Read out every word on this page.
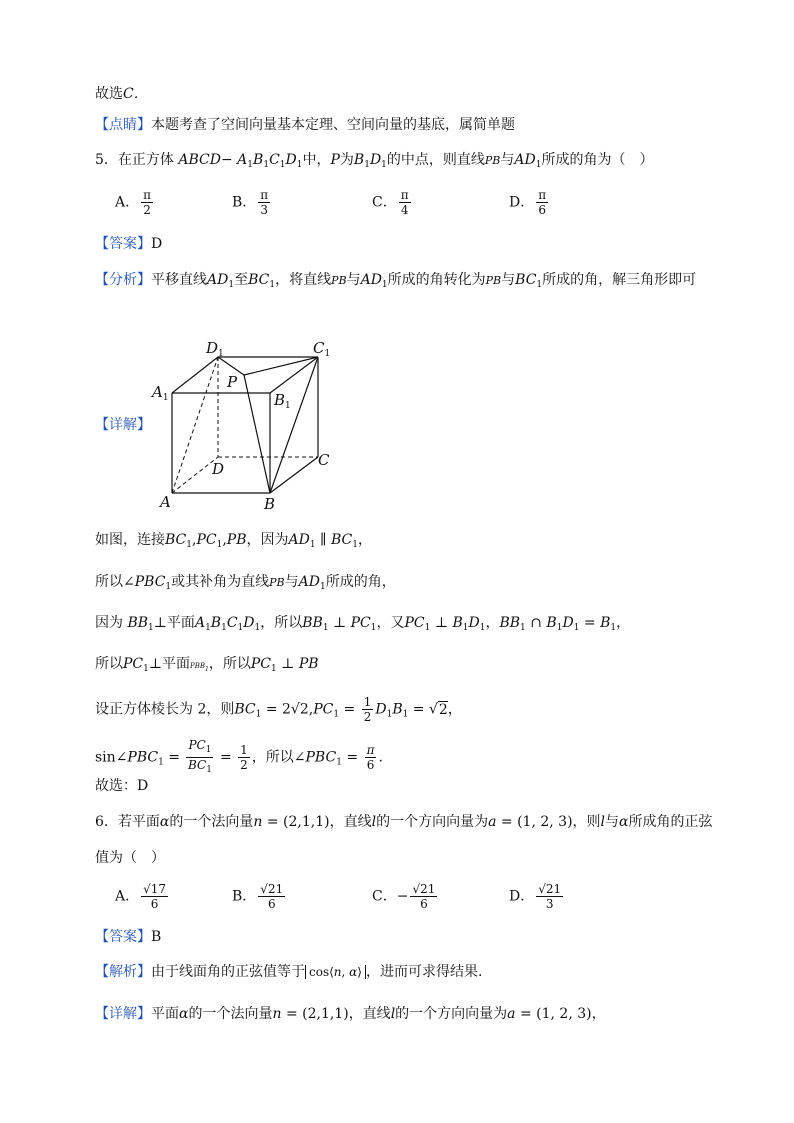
故选C．
【点睛】本题考查了空间向量基本定理、空间向量的基底，属简单题
5．在正方体 ABCD− $A_1B_1C_1D_1$中，P为$B_1D_1$的中点，则直线PB与$AD_1$所成的角为（　）
A． $\frac{\pi}{2}$	B． $\frac{\pi}{3}$	C． $\frac{\pi}{4}$	D． $\frac{\pi}{6}$
【答案】D
【分析】平移直线$AD_1$至$BC_1$，将直线PB与$AD_1$所成的角转化为PB与$BC_1$所成的角，解三角形即可
【详解】
$D_1$	$C_1$
$A_1$	$B_1$
P
D	C
A	B
如图，连接$BC_1,PC_1,PB$，因为$AD_1$ ∥ $BC_1$，
所以$\angle PBC_1$或其补角为直线PB与$AD_1$所成的角，
因为 $BB_1\perp$平面$A_1B_1C_1D_1$，所以$BB_1$ ⊥ $PC_1$，又$PC_1$ ⊥ $B_1D_1$，$BB_1$ ∩ $B_1D_1 = B_1$，
所以$PC_1\perp$平面$PBB_1$，所以$PC_1$ ⊥ PB
设正方体棱长为 2，则$BC_1 = 2√2,PC_1 = \frac{1}{2} D_1B_1 = √2$，
$\sin\angle PBC_1 = \frac{PC_1}{BC_1} = \frac{1}{2}$ ，所以$\angle PBC_1 = \frac{\pi}{6}$ .
故选：D
6．若平面α的一个法向量n = (2,1,1)，直线l的一个方向向量为a = (1, 2, 3)，则l与α所成角的正弦
值为（　）
A． $\frac{√17}{6}$	B． $\frac{√21}{6}$	C．− $\frac{√21}{6}$	D． $\frac{√21}{3}$
【答案】B
【解析】由于线面角的正弦值等于 cos⟨n, α⟩ ，进而可求得结果.
【详解】平面α的一个法向量n = (2,1,1)，直线l的一个方向向量为a = (1, 2, 3)，
